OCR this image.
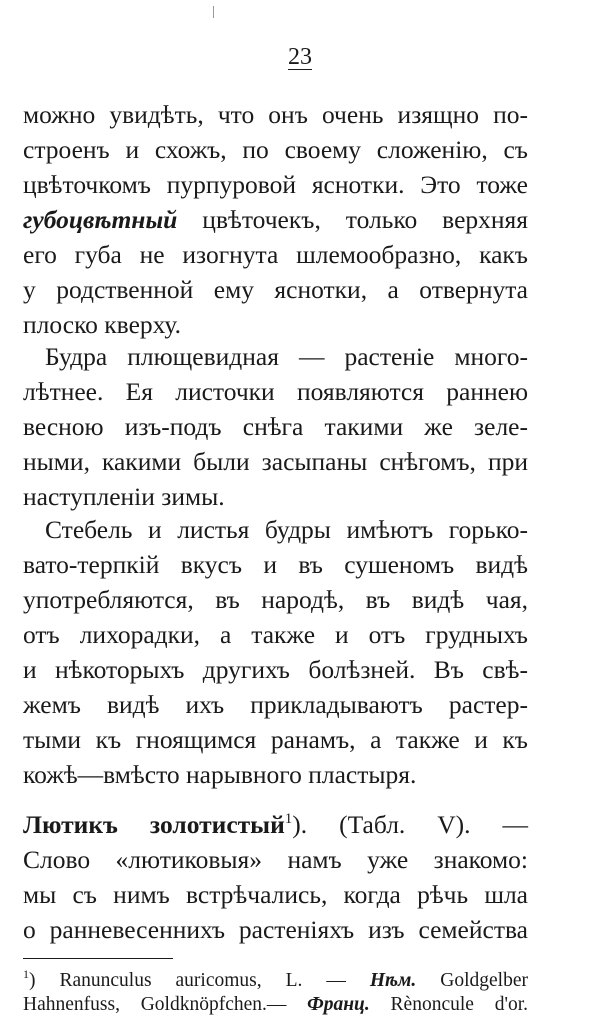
23
можно увидѣть, что онъ очень изящно по-
строенъ и схожъ, по своему сложенію, съ
цвѣточкомъ пурпуровой яснотки. Это тоже
губоцвѣтный цвѣточекъ, только верхняя
его губа не изогнута шлемообразно, какъ
у родственной ему яснотки, а отвернута
плоско кверху.
Будра плющевидная — растеніе много-
лѣтнее. Ея листочки появляются раннею
весною изъ-подъ снѣга такими же зеле-
ными, какими были засыпаны снѣгомъ, при
наступленіи зимы.
Стебель и листья будры имѣютъ горько-
вато-терпкій вкусъ и въ сушеномъ видѣ
употребляются, въ народѣ, въ видѣ чая,
отъ лихорадки, а также и отъ грудныхъ
и нѣкоторыхъ другихъ болѣзней. Въ свѣ-
жемъ видѣ ихъ прикладываютъ растер-
тыми къ гноящимся ранамъ, а также и къ
кожѣ—вмѣсто нарывного пластыря.
Лютикъ золотистый$^1$). (Табл. V). —
Слово «лютиковыя» намъ уже знакомо:
мы съ нимъ встрѣчались, когда рѣчь шла
о ранневесеннихъ растеніяхъ изъ семейства
$^1$) Ranunculus auricomus, L. — Нѣм. Goldgelber
Hahnenfuss, Goldknöpfchen.— Франц. Rènoncule d'or.
